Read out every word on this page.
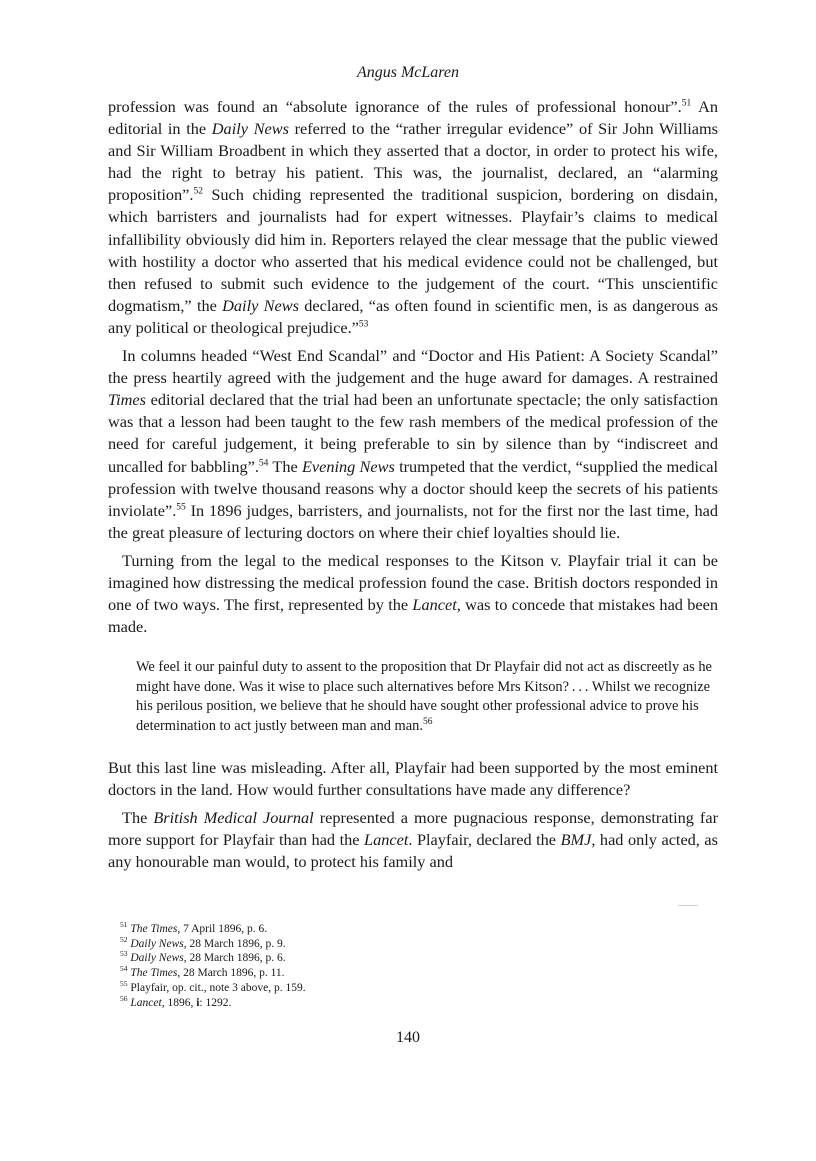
Angus McLaren

profession was found an “absolute ignorance of the rules of professional honour”.$^{51}$ An editorial in the Daily News referred to the “rather irregular evidence” of Sir John Williams and Sir William Broadbent in which they asserted that a doctor, in order to protect his wife, had the right to betray his patient. This was, the journalist, declared, an “alarming proposition”.$^{52}$ Such chiding represented the traditional suspicion, bordering on disdain, which barristers and journalists had for expert witnesses. Playfair’s claims to medical infallibility obviously did him in. Reporters relayed the clear message that the public viewed with hostility a doctor who asserted that his medical evidence could not be challenged, but then refused to submit such evidence to the judgement of the court. “This unscientific dogmatism,” the Daily News declared, “as often found in scientific men, is as dangerous as any political or theological prejudice.”$^{53}$

In columns headed “West End Scandal” and “Doctor and His Patient: A Society Scandal” the press heartily agreed with the judgement and the huge award for damages. A restrained Times editorial declared that the trial had been an unfortunate spectacle; the only satisfaction was that a lesson had been taught to the few rash members of the medical profession of the need for careful judgement, it being preferable to sin by silence than by “indiscreet and uncalled for babbling”.$^{54}$ The Evening News trumpeted that the verdict, “supplied the medical profession with twelve thousand reasons why a doctor should keep the secrets of his patients inviolate”.$^{55}$ In 1896 judges, barristers, and journalists, not for the first nor the last time, had the great pleasure of lecturing doctors on where their chief loyalties should lie.

Turning from the legal to the medical responses to the Kitson v. Playfair trial it can be imagined how distressing the medical profession found the case. British doctors responded in one of two ways. The first, represented by the Lancet, was to concede that mistakes had been made.

We feel it our painful duty to assent to the proposition that Dr Playfair did not act as discreetly as he might have done. Was it wise to place such alternatives before Mrs Kitson? . . . Whilst we recognize his perilous position, we believe that he should have sought other professional advice to prove his determination to act justly between man and man.$^{56}$

But this last line was misleading. After all, Playfair had been supported by the most eminent doctors in the land. How would further consultations have made any difference?

The British Medical Journal represented a more pugnacious response, demonstrating far more support for Playfair than had the Lancet. Playfair, declared the BMJ, had only acted, as any honourable man would, to protect his family and

$^{51}$ The Times, 7 April 1896, p. 6.
$^{52}$ Daily News, 28 March 1896, p. 9.
$^{53}$ Daily News, 28 March 1896, p. 6.
$^{54}$ The Times, 28 March 1896, p. 11.
$^{55}$ Playfair, op. cit., note 3 above, p. 159.
$^{56}$ Lancet, 1896, i: 1292.
140
